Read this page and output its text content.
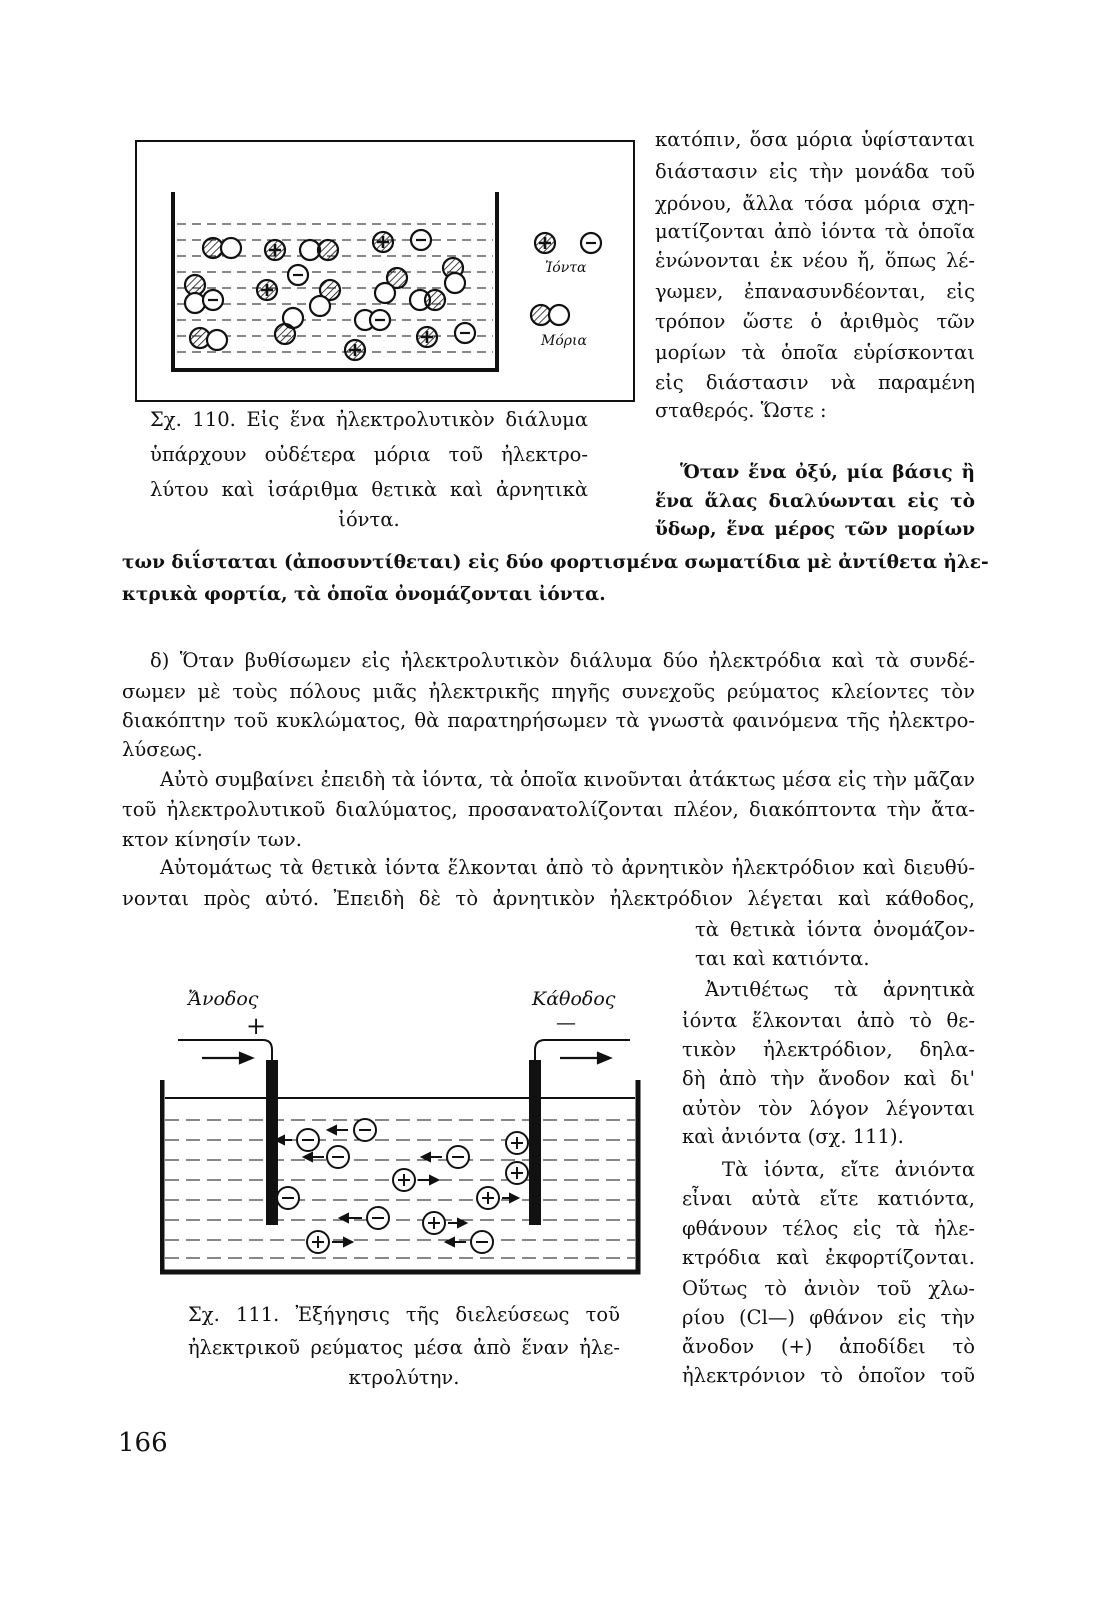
Ἰόντα
Μόρια
Σχ. 110. Εἰς ἕνα ἠλεκτρολυτικὸν διάλυμα
ὑπάρχουν οὐδέτερα μόρια τοῦ ἠλεκτρο-
λύτου καὶ ἰσάριθμα θετικὰ καὶ ἀρνητικὰ
ἰόντα.
κατόπιν, ὅσα μόρια ὑφίστανται
διάστασιν εἰς τὴν μονάδα τοῦ
χρόνου, ἄλλα τόσα μόρια σχη-
ματίζονται ἀπὸ ἰόντα τὰ ὁποῖα
ἑνώνονται ἐκ νέου ἤ, ὅπως λέ-
γωμεν, ἐπανασυνδέονται, εἰς
τρόπον ὥστε ὁ ἀριθμὸς τῶν
μορίων τὰ ὁποῖα εὑρίσκονται
εἰς διάστασιν νὰ παραμένη
σταθερός. Ὥστε :
Ὅταν ἕνα ὀξύ, μία βάσις ἢ
ἕνα ἅλας διαλύωνται εἰς τὸ
ὕδωρ, ἕνα μέρος τῶν μορίων
των διΐσταται (ἀποσυντίθεται) εἰς δύο φορτισμένα σωματίδια μὲ ἀντίθετα ἠλε-
κτρικὰ φορτία, τὰ ὁποῖα ὀνομάζονται ἰόντα.
δ) Ὅταν βυθίσωμεν εἰς ἠλεκτρολυτικὸν διάλυμα δύο ἠλεκτρόδια καὶ τὰ συνδέ-
σωμεν μὲ τοὺς πόλους μιᾶς ἠλεκτρικῆς πηγῆς συνεχοῦς ρεύματος κλείοντες τὸν
διακόπτην τοῦ κυκλώματος, θὰ παρατηρήσωμεν τὰ γνωστὰ φαινόμενα τῆς ἠλεκτρο-
λύσεως.
Αὐτὸ συμβαίνει ἐπειδὴ τὰ ἰόντα, τὰ ὁποῖα κινοῦνται ἀτάκτως μέσα εἰς τὴν μᾶζαν
τοῦ ἠλεκτρολυτικοῦ διαλύματος, προσανατολίζονται πλέον, διακόπτοντα τὴν ἄτα-
κτον κίνησίν των.
Αὐτομάτως τὰ θετικὰ ἰόντα ἕλκονται ἀπὸ τὸ ἀρνητικὸν ἠλεκτρόδιον καὶ διευθύ-
νονται πρὸς αὐτό. Ἐπειδὴ δὲ τὸ ἀρνητικὸν ἠλεκτρόδιον λέγεται καὶ κάθοδος,
τὰ θετικὰ ἰόντα ὀνομάζον-
ται καὶ κατιόντα.
Ἀντιθέτως τὰ ἀρνητικὰ
ἰόντα ἕλκονται ἀπὸ τὸ θε-
τικὸν ἠλεκτρόδιον, δηλα-
δὴ ἀπὸ τὴν ἄνοδον καὶ δι'
αὐτὸν τὸν λόγον λέγονται
καὶ ἀνιόντα (σχ. 111).
Τὰ ἰόντα, εἴτε ἀνιόντα
εἶναι αὐτὰ εἴτε κατιόντα,
φθάνουν τέλος εἰς τὰ ἠλε-
κτρόδια καὶ ἐκφορτίζονται.
Οὕτως τὸ ἀνιὸν τοῦ χλω-
ρίου (Cl—) φθάνον εἰς τὴν
ἄνοδον (+) ἀποδίδει τὸ
ἠλεκτρόνιον τὸ ὁποῖον τοῦ
Ἄνοδος
+
Κάθοδος
—
Σχ. 111. Ἐξήγησις τῆς διελεύσεως τοῦ
ἠλεκτρικοῦ ρεύματος μέσα ἀπὸ ἕναν ἠλε-
κτρολύτην.
166
